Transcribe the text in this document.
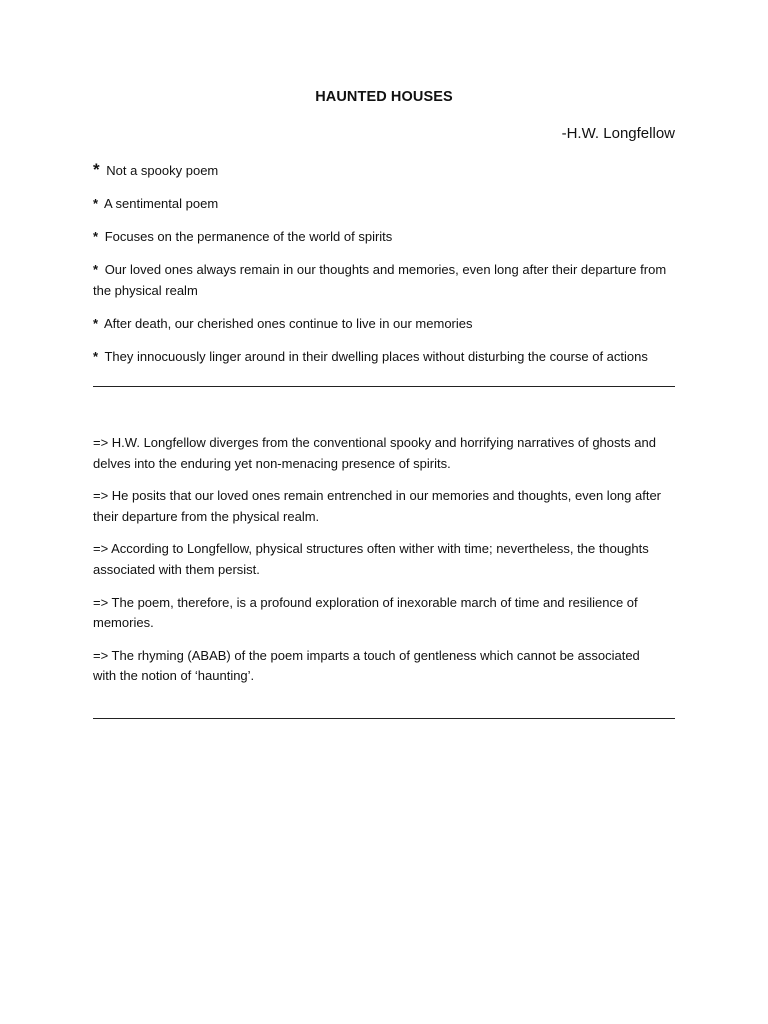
HAUNTED HOUSES
-H.W. Longfellow
* Not a spooky poem
* A sentimental poem
* Focuses on the permanence of the world of spirits
* Our loved ones always remain in our thoughts and memories, even long after their departure from the physical realm
* After death, our cherished ones continue to live in our memories
* They innocuously linger around in their dwelling places without disturbing the course of actions
=> H.W. Longfellow diverges from the conventional spooky and horrifying narratives of ghosts and delves into the enduring yet non-menacing presence of spirits.
=> He posits that our loved ones remain entrenched in our memories and thoughts, even long after their departure from the physical realm.
=> According to Longfellow, physical structures often wither with time; nevertheless, the thoughts associated with them persist.
=> The poem, therefore, is a profound exploration of inexorable march of time and resilience of memories.
=> The rhyming (ABAB) of the poem imparts a touch of gentleness which cannot be associated with the notion of ‘haunting’.
